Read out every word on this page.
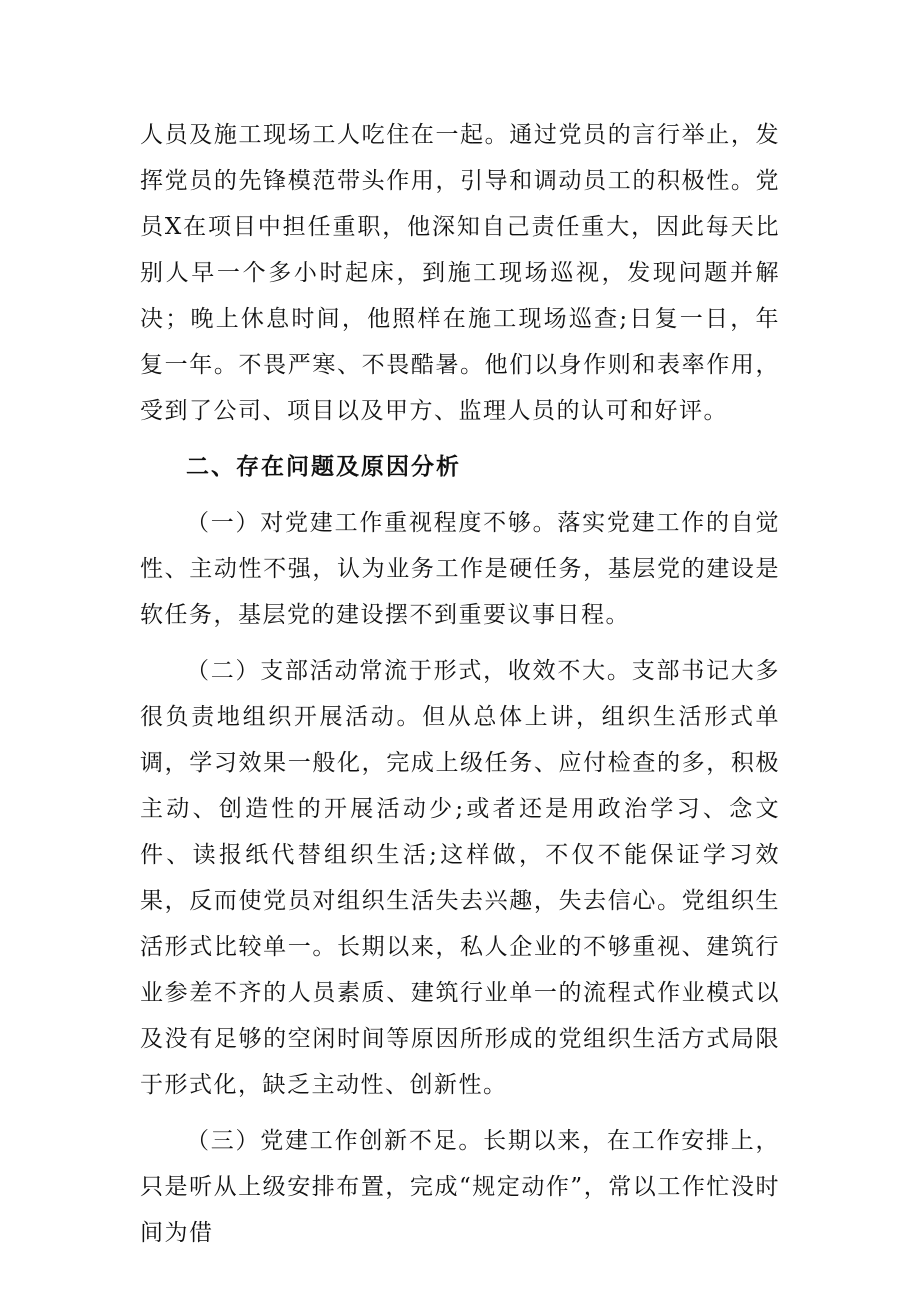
人员及施工现场工人吃住在一起。通过党员的言行举止，发挥党员的先锋模范带头作用，引导和调动员工的积极性。党员X在项目中担任重职，他深知自己责任重大，因此每天比别人早一个多小时起床，到施工现场巡视，发现问题并解决；晚上休息时间，他照样在施工现场巡查;日复一日，年复一年。不畏严寒、不畏酷暑。他们以身作则和表率作用，受到了公司、项目以及甲方、监理人员的认可和好评。

二、存在问题及原因分析

（一）对党建工作重视程度不够。落实党建工作的自觉性、主动性不强，认为业务工作是硬任务，基层党的建设是软任务，基层党的建设摆不到重要议事日程。

（二）支部活动常流于形式，收效不大。支部书记大多很负责地组织开展活动。但从总体上讲，组织生活形式单调，学习效果一般化，完成上级任务、应付检查的多，积极主动、创造性的开展活动少;或者还是用政治学习、念文件、读报纸代替组织生活;这样做，不仅不能保证学习效果，反而使党员对组织生活失去兴趣，失去信心。党组织生活形式比较单一。长期以来，私人企业的不够重视、建筑行业参差不齐的人员素质、建筑行业单一的流程式作业模式以及没有足够的空闲时间等原因所形成的党组织生活方式局限于形式化，缺乏主动性、创新性。

（三）党建工作创新不足。长期以来，在工作安排上，只是听从上级安排布置，完成“规定动作”，常以工作忙没时间为借
